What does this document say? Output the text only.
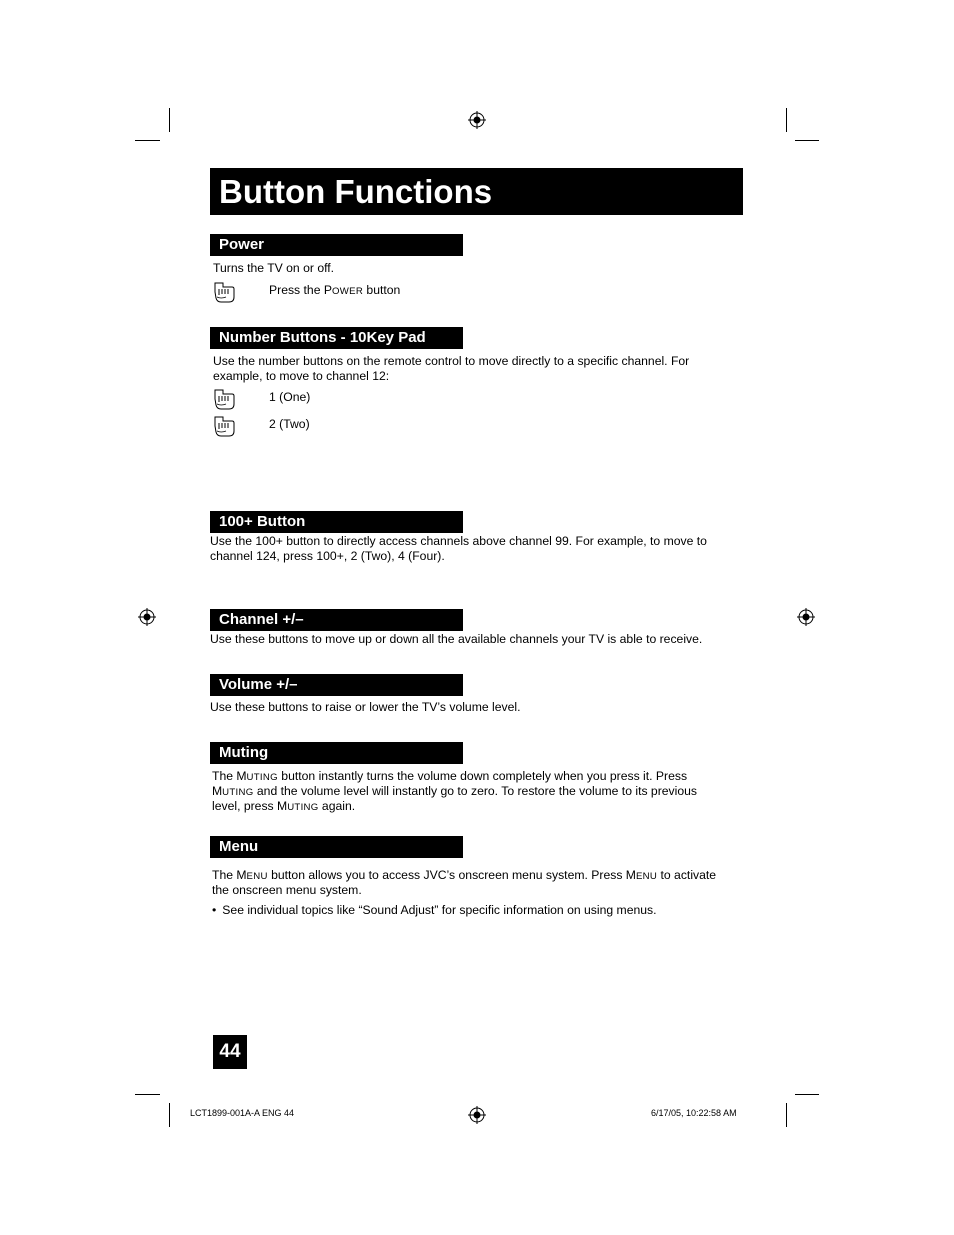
Button Functions
Power
Turns the TV on or off.
Press the POWER button
Number Buttons - 10Key Pad
Use the number buttons on the remote control to move directly to a specific channel. For example, to move to channel 12:
1 (One)
2 (Two)
100+ Button
Use the 100+ button to directly access channels above channel 99. For example, to move to channel 124, press 100+, 2 (Two), 4 (Four).
Channel +/–
Use these buttons to move up or down all the available channels your TV is able to receive.
Volume +/–
Use these buttons to raise or lower the TV’s volume level.
Muting
The MUTING button instantly turns the volume down completely when you press it. Press
MUTING and the volume level will instantly go to zero. To restore the volume to its previous
level, press MUTING again.
Menu
The MENU button allows you to access JVC’s onscreen menu system. Press MENU to activate
the onscreen menu system.
• See individual topics like “Sound Adjust” for specific information on using menus.
44
LCT1899-001A-A ENG 44	6/17/05, 10:22:58 AM
